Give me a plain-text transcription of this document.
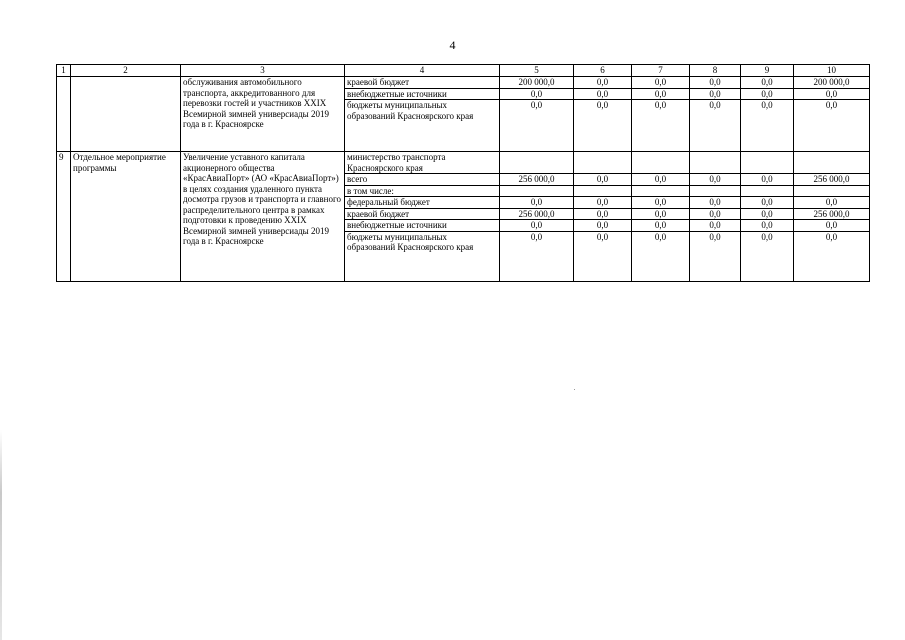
4
1	2	3	4	5	6	7	8	9	10
		обслуживания автомобильного транспорта, аккредитованного для перевозки гостей и участников XXIX Всемирной зимней универсиады 2019 года в г. Красноярске	краевой бюджет	200 000,0	0,0	0,0	0,0	0,0	200 000,0
			внебюджетные источники	0,0	0,0	0,0	0,0	0,0	0,0
			бюджеты муниципальных образований Красноярского края	0,0	0,0	0,0	0,0	0,0	0,0
9	Отдельное мероприятие программы	Увеличение уставного капитала акционерного общества «КрасАвиаПорт» (АО «КрасАвиаПорт») в целях создания удаленного пункта досмотра грузов и транспорта и главного распределительного центра в рамках подготовки к проведению XXIX Всемирной зимней универсиады 2019 года в г. Красноярске	министерство транспорта Красноярского края						
			всего	256 000,0	0,0	0,0	0,0	0,0	256 000,0
			в том числе:						
			федеральный бюджет	0,0	0,0	0,0	0,0	0,0	0,0
			краевой бюджет	256 000,0	0,0	0,0	0,0	0,0	256 000,0
			внебюджетные источники	0,0	0,0	0,0	0,0	0,0	0,0
			бюджеты муниципальных образований Красноярского края	0,0	0,0	0,0	0,0	0,0	0,0
